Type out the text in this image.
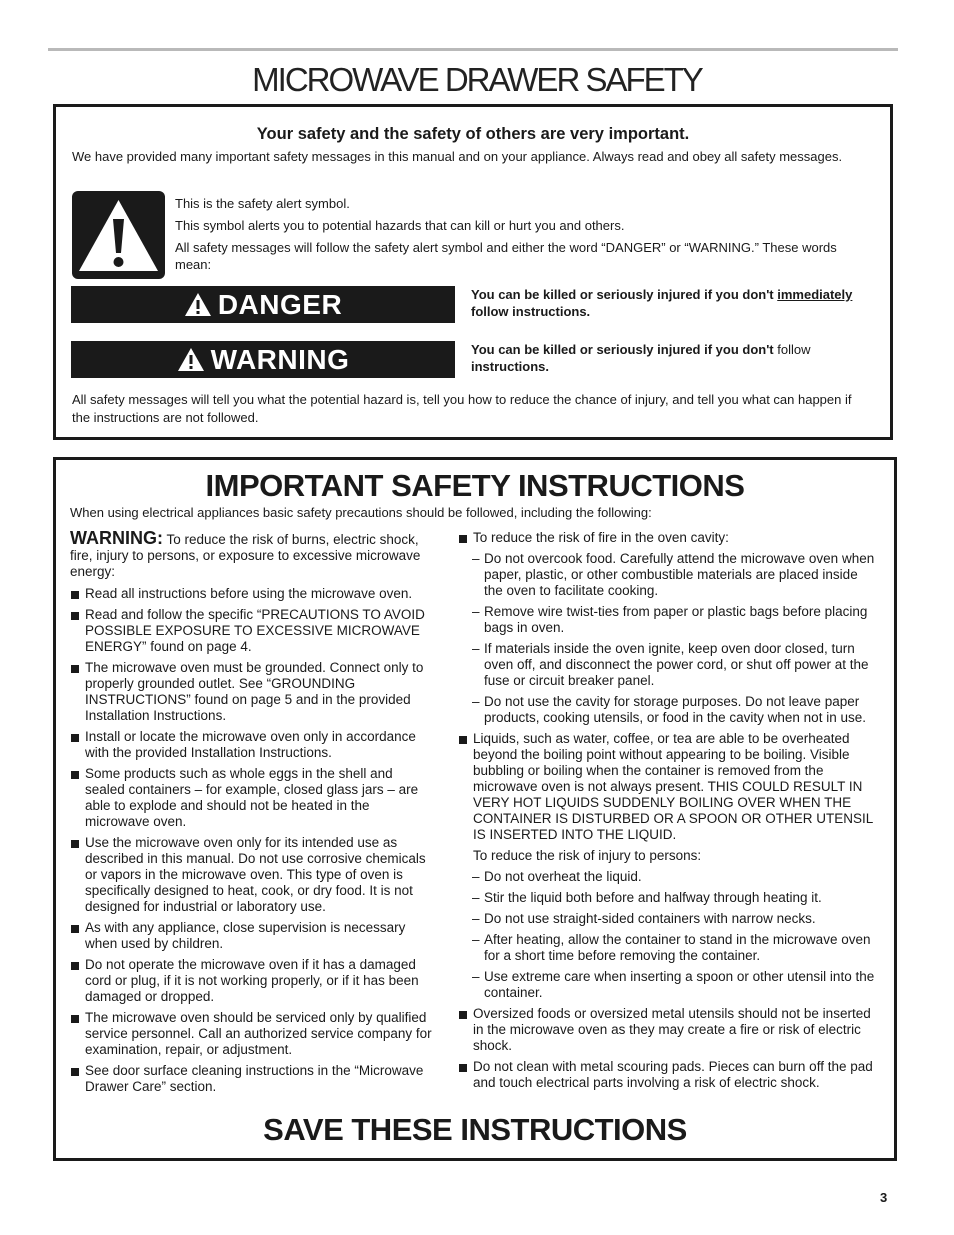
MICROWAVE DRAWER SAFETY
Your safety and the safety of others are very important.
We have provided many important safety messages in this manual and on your appliance. Always read and obey all safety messages.
This is the safety alert symbol.
This symbol alerts you to potential hazards that can kill or hurt you and others.
All safety messages will follow the safety alert symbol and either the word “DANGER” or “WARNING.” These words mean:
DANGER	You can be killed or seriously injured if you don't immediately
follow instructions.
WARNING	You can be killed or seriously injured if you don't follow
instructions.
All safety messages will tell you what the potential hazard is, tell you how to reduce the chance of injury, and tell you what can happen if the instructions are not followed.
IMPORTANT SAFETY INSTRUCTIONS
When using electrical appliances basic safety precautions should be followed, including the following:
WARNING: To reduce the risk of burns, electric shock, fire, injury to persons, or exposure to excessive microwave energy:
Read all instructions before using the microwave oven.
Read and follow the specific “PRECAUTIONS TO AVOID POSSIBLE EXPOSURE TO EXCESSIVE MICROWAVE ENERGY” found on page 4.
The microwave oven must be grounded. Connect only to properly grounded outlet. See “GROUNDING INSTRUCTIONS” found on page 5 and in the provided Installation Instructions.
Install or locate the microwave oven only in accordance with the provided Installation Instructions.
Some products such as whole eggs in the shell and sealed containers – for example, closed glass jars – are able to explode and should not be heated in the microwave oven.
Use the microwave oven only for its intended use as described in this manual. Do not use corrosive chemicals or vapors in the microwave oven. This type of oven is specifically designed to heat, cook, or dry food. It is not designed for industrial or laboratory use.
As with any appliance, close supervision is necessary when used by children.
Do not operate the microwave oven if it has a damaged cord or plug, if it is not working properly, or if it has been damaged or dropped.
The microwave oven should be serviced only by qualified service personnel. Call an authorized service company for examination, repair, or adjustment.
See door surface cleaning instructions in the “Microwave Drawer Care” section.
To reduce the risk of fire in the oven cavity:
– Do not overcook food. Carefully attend the microwave oven when paper, plastic, or other combustible materials are placed inside the oven to facilitate cooking.
– Remove wire twist-ties from paper or plastic bags before placing bags in oven.
– If materials inside the oven ignite, keep oven door closed, turn oven off, and disconnect the power cord, or shut off power at the fuse or circuit breaker panel.
– Do not use the cavity for storage purposes. Do not leave paper products, cooking utensils, or food in the cavity when not in use.
Liquids, such as water, coffee, or tea are able to be overheated beyond the boiling point without appearing to be boiling. Visible bubbling or boiling when the container is removed from the microwave oven is not always present. THIS COULD RESULT IN VERY HOT LIQUIDS SUDDENLY BOILING OVER WHEN THE CONTAINER IS DISTURBED OR A SPOON OR OTHER UTENSIL IS INSERTED INTO THE LIQUID.
To reduce the risk of injury to persons:
– Do not overheat the liquid.
– Stir the liquid both before and halfway through heating it.
– Do not use straight-sided containers with narrow necks.
– After heating, allow the container to stand in the microwave oven for a short time before removing the container.
– Use extreme care when inserting a spoon or other utensil into the container.
Oversized foods or oversized metal utensils should not be inserted in the microwave oven as they may create a fire or risk of electric shock.
Do not clean with metal scouring pads. Pieces can burn off the pad and touch electrical parts involving a risk of electric shock.
SAVE THESE INSTRUCTIONS
3
